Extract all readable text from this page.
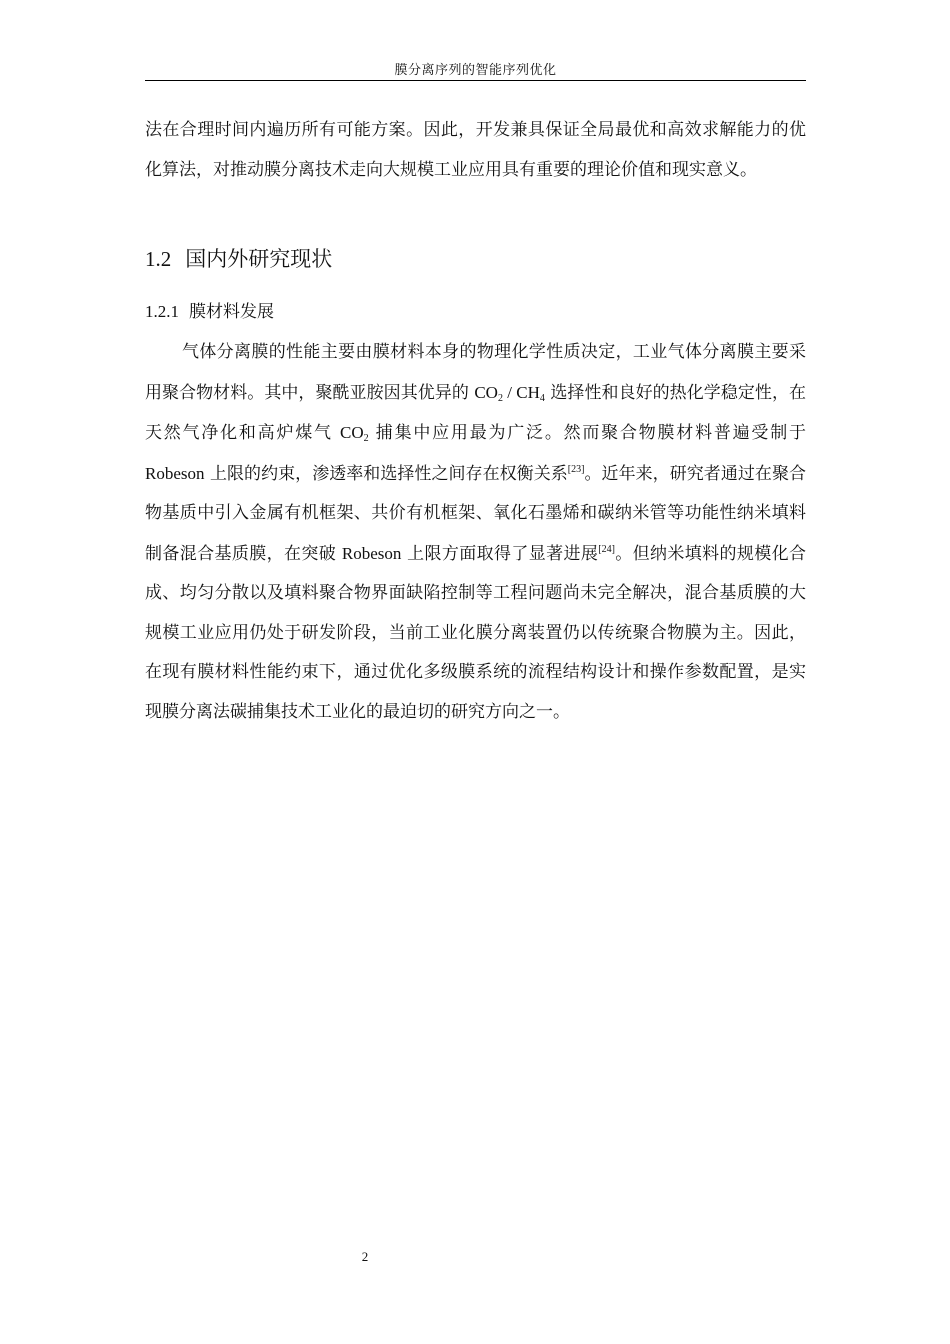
膜分离序列的智能序列优化

法在合理时间内遍历所有可能方案。因此，开发兼具保证全局最优和高效求解能力的优化算法，对推动膜分离技术走向大规模工业应用具有重要的理论价值和现实意义。

1.2 国内外研究现状
1.2.1 膜材料发展

气体分离膜的性能主要由膜材料本身的物理化学性质决定，工业气体分离膜主要采用聚合物材料。其中，聚酰亚胺因其优异的 $CO_2 / CH_4$ 选择性和良好的热化学稳定性，在天然气净化和高炉煤气 $CO_2$ 捕集中应用最为广泛。然而聚合物膜材料普遍受制于 Robeson 上限的约束，渗透率和选择性之间存在权衡关系[23]。近年来，研究者通过在聚合物基质中引入金属有机框架、共价有机框架、氧化石墨烯和碳纳米管等功能性纳米填料制备混合基质膜，在突破 Robeson 上限方面取得了显著进展[24]。但纳米填料的规模化合成、均匀分散以及填料聚合物界面缺陷控制等工程问题尚未完全解决，混合基质膜的大规模工业应用仍处于研发阶段，当前工业化膜分离装置仍以传统聚合物膜为主。因此，在现有膜材料性能约束下，通过优化多级膜系统的流程结构设计和操作参数配置，是实现膜分离法碳捕集技术工业化的最迫切的研究方向之一。

2
